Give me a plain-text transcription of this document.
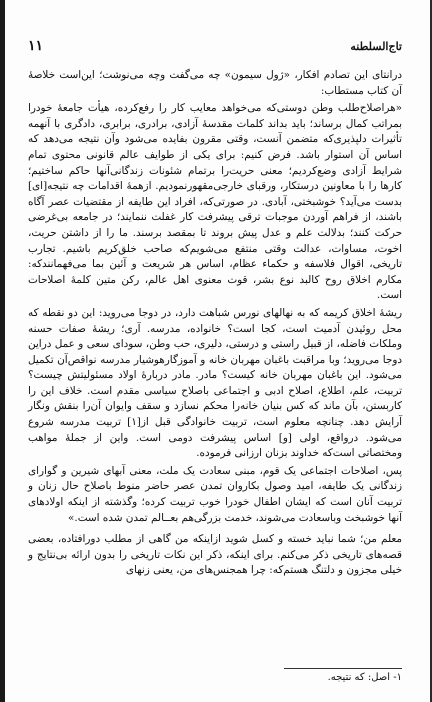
۱۱	تاج‌السلطنه

درانتای این تصادم افکار، «ژول سیمون» چه می‌گفت وچه می‌نوشت؛ این‌است خلاصهٔ آن کتاب مستطاب:

«هراصلاح‌طلب وطن دوستی‌که می‌خواهد معایب کار را رفع‌کرده، هیأت جامعهٔ خودرا بمراتب کمال برساند؛ باید بداند کلمات مقدسهٔ آزادی، برادری، برابری، دادگری با آنهمه تأثیرات دلپذیری‌که متضمن آنست، وقتی مقرون بفایده می‌شود وآن نتیجه می‌دهد که اساس آن استوار باشد. فرض کنیم: برای یکی از طوایف عالم قانونی محتوی تمام شرایط آزادی وضع‌کردیم؛ معنی حریت‌را برتمام شئونات زندگانی‌آنها حاکم ساختیم؛ کارها را با معاونین درستکار، ورقبای خارجی‌مقهورنمودیم. ازهمهٔ اقدامات چه نتیجه‌[ای] بدست می‌آید؟ خوشبختی، آبادی. در صورتی‌که، افراد این طایفه از مقتضیات عصر آگاه باشند، از فراهم آوردن موجبات ترقی پیشرفت کار غفلت ننمایند؛ در جامعه بی‌غرضی حرکت کنند؛ بدلالت علم و عدل پیش بروند تا بمقصد برسند. ما را از داشتن حریت، اخوت، مساوات، عدالت وقتی منتفع می‌شویم‌که صاحب خلق‌کریم باشیم. تجارب تاریخی، اقوال فلاسفه و حکماء عظام، اساس هر شریعت و آئین بما می‌فهمانند‌که: مکارم اخلاق روح کالبد نوع بشر، قوت معنوی اهل عالم، رکن متین کلمهٔ اصلاحات است.

ریشهٔ اخلاق کریمه که به نهالهای نورس شباهت دارد، در دوجا می‌روید: این دو نقطه که محل روئیدن آدمیت است، کجا است؟ خانواده، مدرسه. آری؛ ریشهٔ صفات حسنه وملکات فاضله، از قبیل راستی و درستی، دلیری، حب وطن، سودای سعی و عمل دراین دوجا می‌روید؛ وبا مراقبت باغبان مهربان خانه و آموزگارهوشیار مدرسه نواقص‌آن تکمیل می‌شود. این باغبان مهربان خانه کیست؟ مادر. مادر دربارهٔ اولاد مسئولیتش چیست؟ تربیت، علم، اطلاع، اصلاح ادبی و اجتماعی باصلاح سیاسی مقدم است. خلاف این را کاربستن، بآن ماند که کس بنیان خانه‌را محکم نسازد و سقف وایوان آن‌را بنقش ونگار آرایش دهد. چنانچه معلوم است، تربیت خانوادگی قبل از[۱] تربیت مدرسه شروع می‌شود. درواقع، اولی [و] اساس پیشرفت دومی است. واین از جملهٔ مواهب ومختصاتی است‌که خداوند بزنان ارزانی فرموده.

پس، اصلاحات اجتماعی یک قوم، مبنی سعادت یک ملت، معنی آبهای شیرین و گوارای زندگانی یک طایفه، امید وصول بکاروان تمدن عصر حاضر منوط باصلاح حال زنان و تربیت آنان است که ایشان اطفال خودرا خوب تربیت کرده؛ وگذشته از اینکه اولادهای آنها خوشبخت وباسعادت می‌شوند، خدمت بزرگی‌هم بعــالم تمدن شده است.»

معلم من؛ شما نباید خسته و کسل شوید ازاینکه من گاهی از مطلب دورافتاده، بعضی قصه‌های تاریخی ذکر می‌کنم. برای اینکه، ذکر این نکات تاریخی را بدون ارائه بی‌نتایج و خیلی مجزون و دلتنگ هستم‌که: چرا همجنس‌های من، یعنی زنهای

۱- اصل: که نتیجه.
